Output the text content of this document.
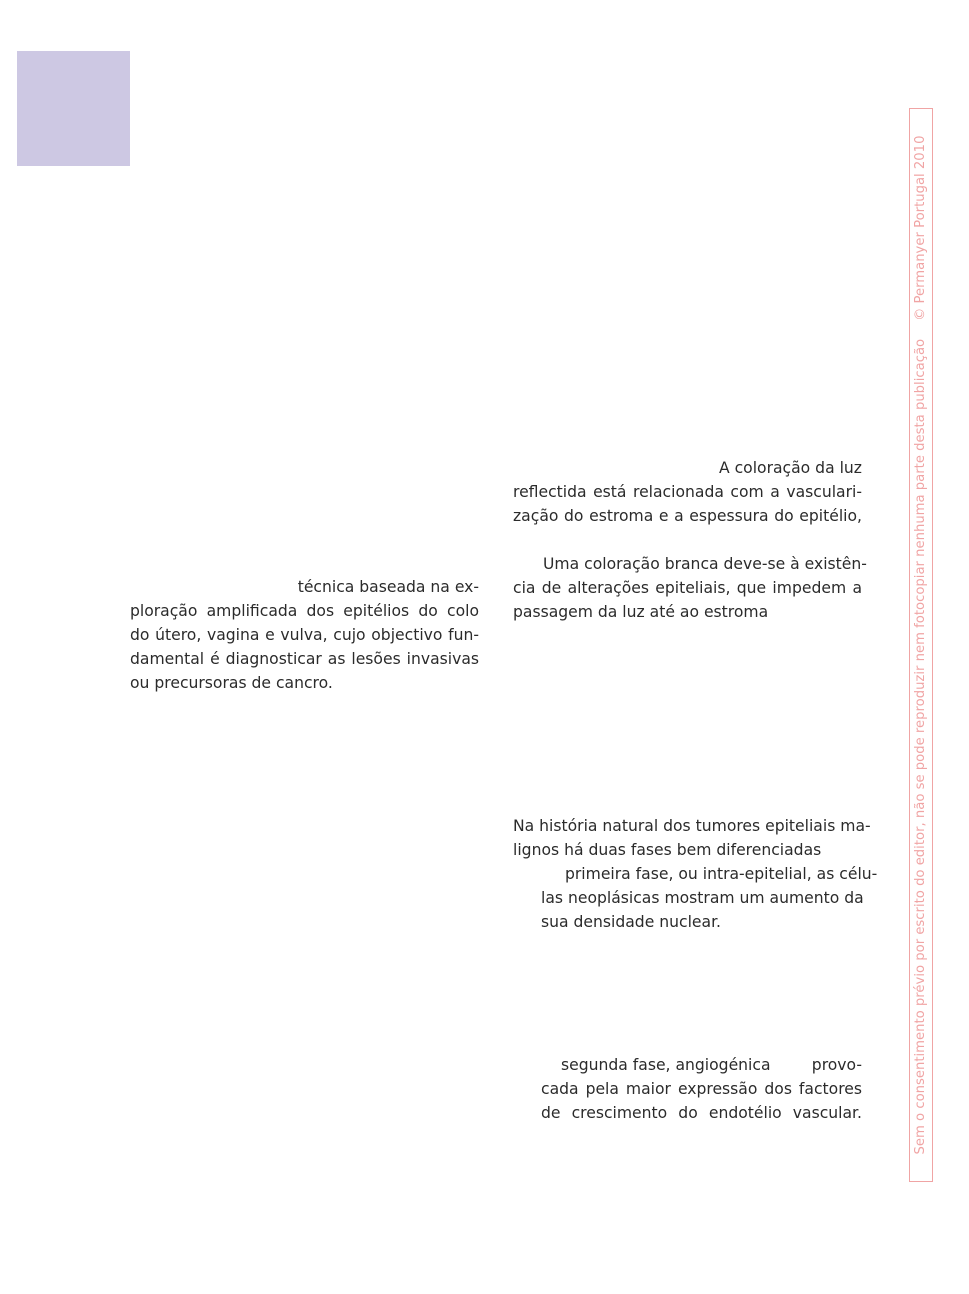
técnica baseada na ex-
ploração amplificada dos epitélios do colo
do útero, vagina e vulva, cujo objectivo fun-
damental é diagnosticar as lesões invasivas
ou precursoras de cancro.
A coloração da luz
reflectida está relacionada com a vasculari-
zação do estroma e a espessura do epitélio,
Uma coloração branca deve-se à existên-
cia de alterações epiteliais, que impedem a
passagem da luz até ao estroma
Na história natural dos tumores epiteliais ma-
lignos há duas fases bem diferenciadas
primeira fase, ou intra-epitelial, as célu-
las neoplásicas mostram um aumento da
sua densidade nuclear.
segunda fase, angiogénica	provo-
cada pela maior expressão dos factores
de crescimento do endotélio vascular.	Sem o consentimento prévio por escrito do editor, não se pode reproduzir nem fotocopiar nenhuma parte desta publicação© Permanyer Portugal 2010
